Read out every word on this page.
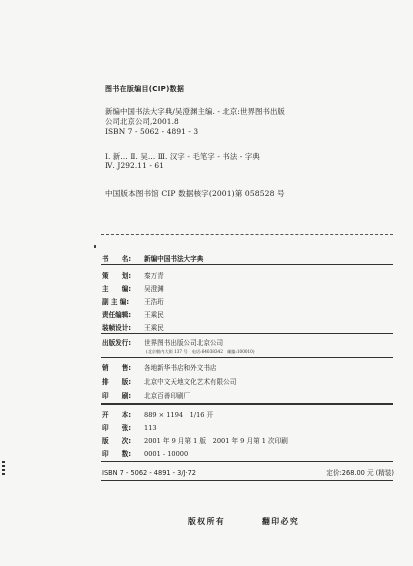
图书在版编目(CIP)数据
新编中国书法大字典/吴澄渊主编. - 北京:世界图书出版
公司北京公司,2001.8
ISBN 7 - 5062 - 4891 - 3
Ⅰ. 新… Ⅱ. 吴… Ⅲ. 汉字 - 毛笔字 - 书法 - 字典
Ⅳ. J292.11 - 61
中国版本图书馆 CIP 数据核字(2001)第 058528 号
书　　名:	新编中国书法大字典
策　　划:	秦万青
主　　编:	吴澄渊
副 主 编:	王浩珩
责任编辑:	王乘民
装帧设计:	王乘民
出版发行:	世界图书出版公司北京公司
(北京朝内大街 137 号　电话:64038342　邮编:100010)
销　　售:	各地新华书店和外文书店
排　　版:	北京中文天地文化艺术有限公司
印　　刷:	北京百善印刷厂
开　　本:	889 × 1194　1/16 开
印　　张:	113
版　　次:	2001 年 9 月第 1 版　2001 年 9 月第 1 次印刷
印　　数:	0001 - 10000
ISBN 7 - 5062 - 4891 - 3/J·72	定价:268.00 元 (精装)
版权所有	翻印必究
